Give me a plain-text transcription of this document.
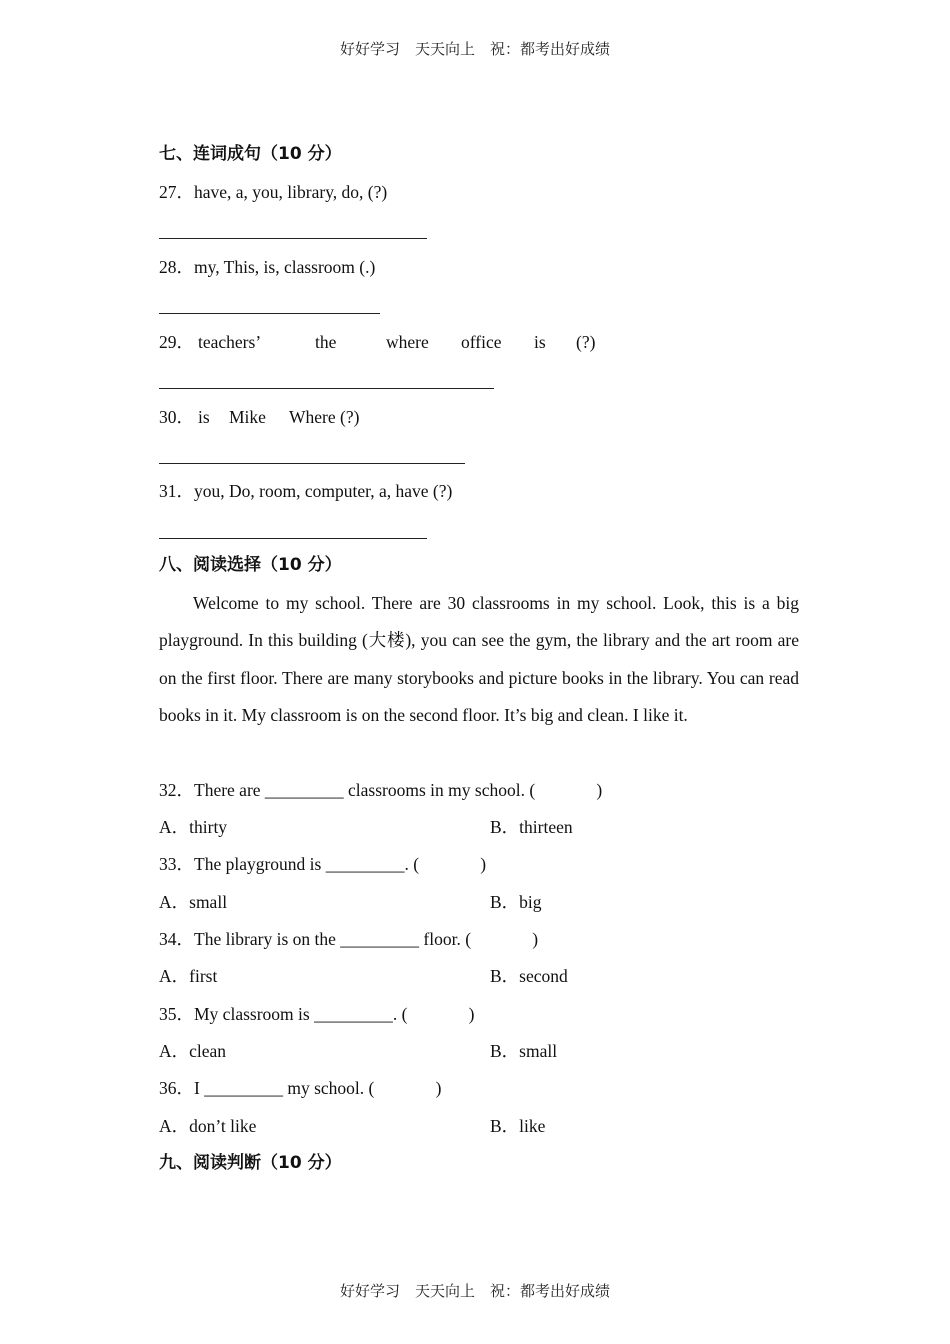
好好学习　天天向上　祝：都考出好成绩
七、连词成句（10 分）
27．have, a, you, library, do, (?)
28．my, This, is, classroom (.)
29． teachers’	the	where office is (?)
30． is Mike Where (?)
31．you, Do, room, computer, a, have (?)
八、阅读选择（10 分）

Welcome to my school. There are 30 classrooms in my school. Look, this is a big playground. In this building (大楼), you can see the gym, the library and the art room are on the first floor. There are many storybooks and picture books in the library. You can read books in it. My classroom is on the second floor. It’s big and clean. I like it.

32．There are _________ classrooms in my school. (              )
A．thirty	B．thirteen
33．The playground is _________. (              )
A．small	B．big
34．The library is on the _________ floor. (              )
A．first	B．second
35．My classroom is _________. (              )
A．clean	B．small
36．I _________ my school. (              )
A．don’t like	B．like
九、阅读判断（10 分）
好好学习　天天向上　祝：都考出好成绩
